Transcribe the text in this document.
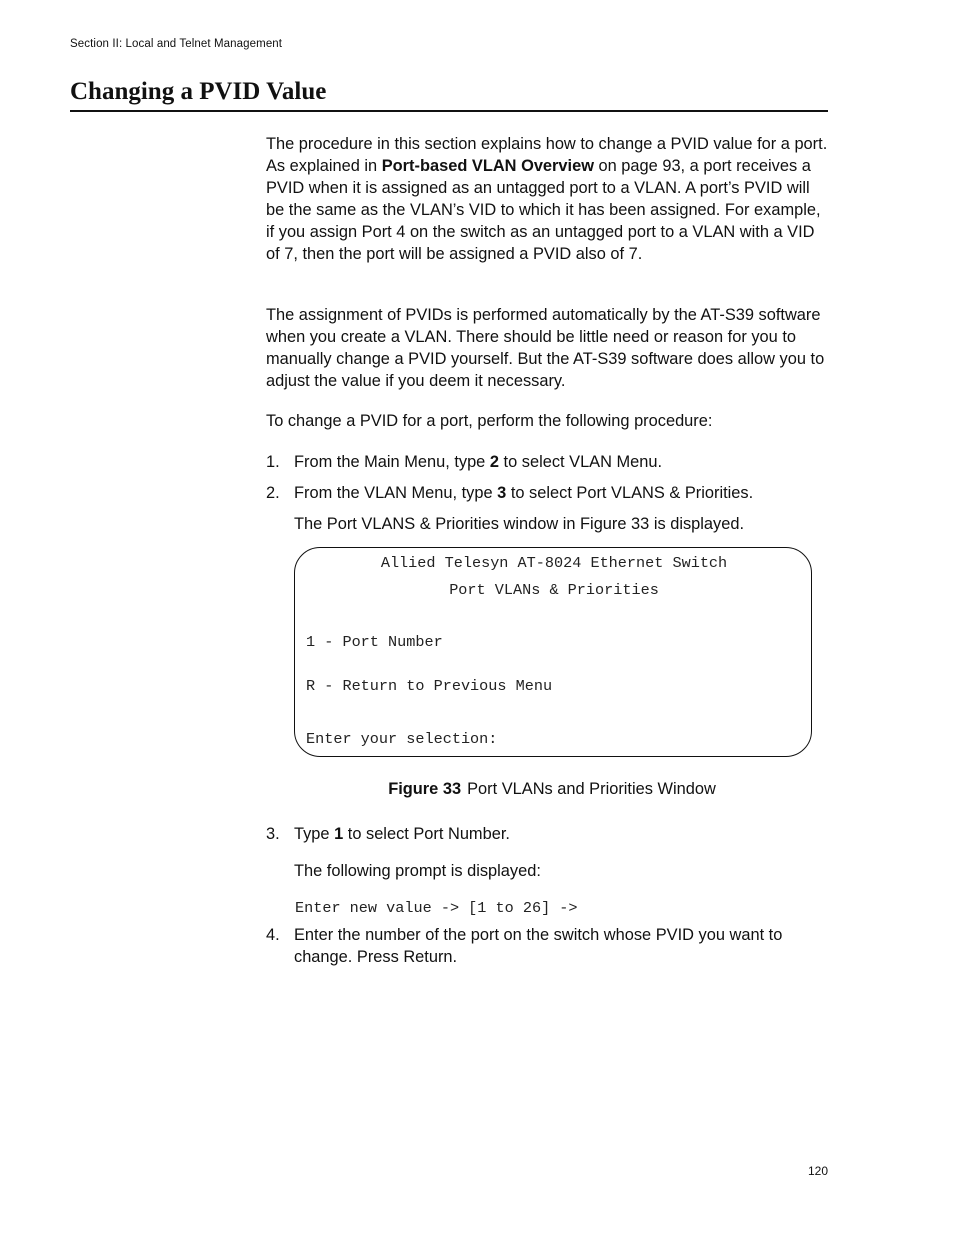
Section II: Local and Telnet Management
Changing a PVID Value

The procedure in this section explains how to change a PVID value for a port. As explained in Port-based VLAN Overview on page 93, a port receives a PVID when it is assigned as an untagged port to a VLAN. A port’s PVID will be the same as the VLAN’s VID to which it has been assigned. For example, if you assign Port 4 on the switch as an untagged port to a VLAN with a VID of 7, then the port will be assigned a PVID also of 7.

The assignment of PVIDs is performed automatically by the AT-S39 software when you create a VLAN. There should be little need or reason for you to manually change a PVID yourself. But the AT-S39 software does allow you to adjust the value if you deem it necessary.

To change a PVID for a port, perform the following procedure:

1. From the Main Menu, type 2 to select VLAN Menu.
2. From the VLAN Menu, type 3 to select Port VLANS & Priorities.
The Port VLANS & Priorities window in Figure 33 is displayed.
Allied Telesyn AT-8024 Ethernet Switch
Port VLANs & Priorities
1 - Port Number
R - Return to Previous Menu
Enter your selection:
Figure 33 Port VLANs and Priorities Window
3. Type 1 to select Port Number.
The following prompt is displayed:
Enter new value -> [1 to 26] ->
4. Enter the number of the port on the switch whose PVID you want to change. Press Return.
120
